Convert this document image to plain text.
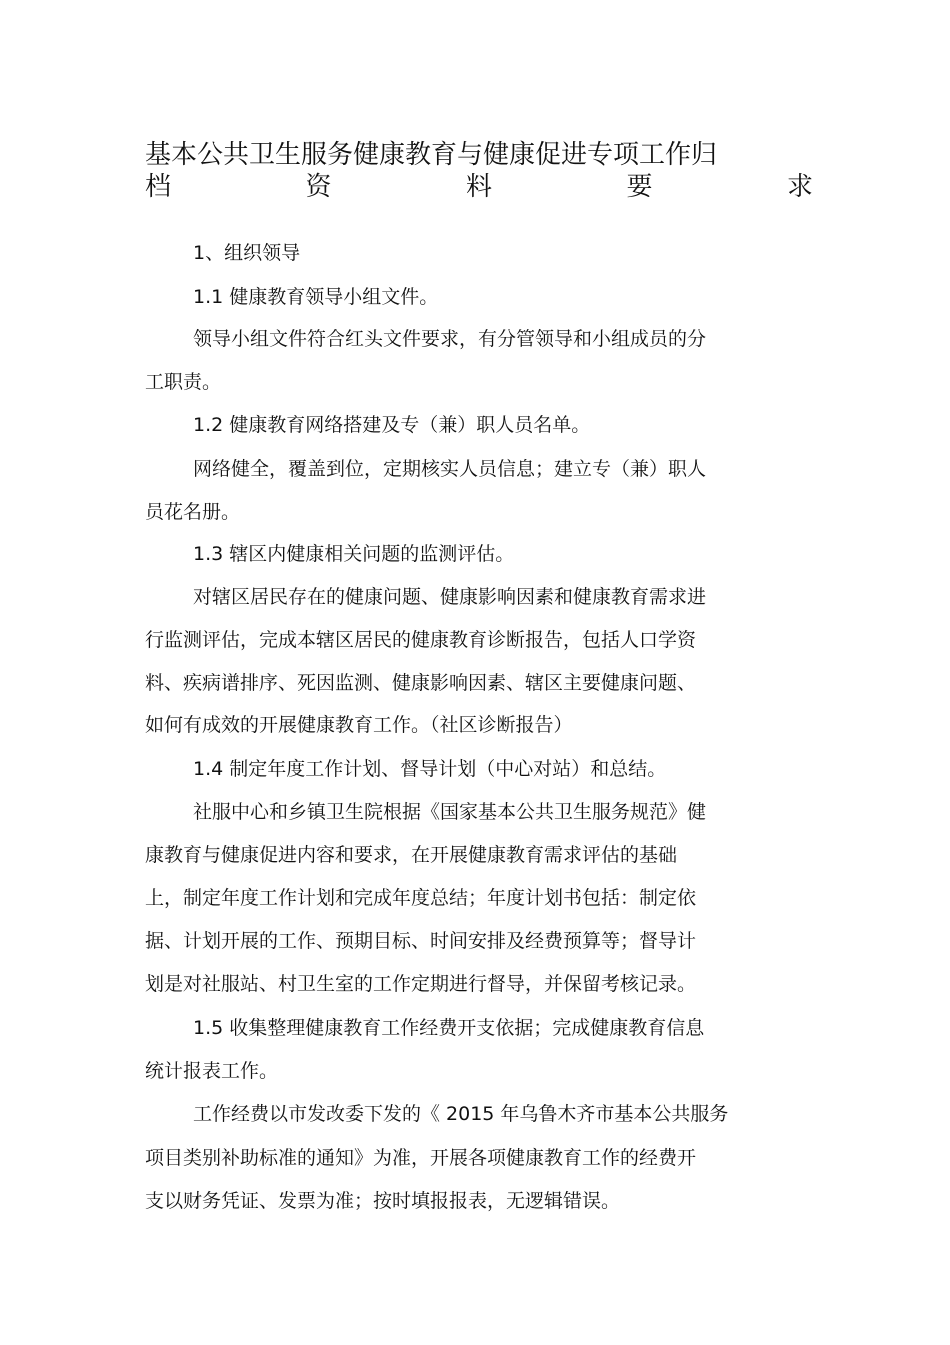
基本公共卫生服务健康教育与健康促进专项工作归
档	资	料	要	求
1、组织领导
1.1 健康教育领导小组文件。
领导小组文件符合红头文件要求，有分管领导和小组成员的分
工职责。
1.2 健康教育网络搭建及专（兼）职人员名单。
网络健全，覆盖到位，定期核实人员信息；建立专（兼）职人
员花名册。
1.3 辖区内健康相关问题的监测评估。
对辖区居民存在的健康问题、健康影响因素和健康教育需求进
行监测评估，完成本辖区居民的健康教育诊断报告，包括人口学资
料、疾病谱排序、死因监测、健康影响因素、辖区主要健康问题、
如何有成效的开展健康教育工作。（社区诊断报告）
1.4 制定年度工作计划、督导计划（中心对站）和总结。
社服中心和乡镇卫生院根据《国家基本公共卫生服务规范》健
康教育与健康促进内容和要求，在开展健康教育需求评估的基础
上，制定年度工作计划和完成年度总结；年度计划书包括：制定依
据、计划开展的工作、预期目标、时间安排及经费预算等；督导计
划是对社服站、村卫生室的工作定期进行督导，并保留考核记录。
1.5 收集整理健康教育工作经费开支依据；完成健康教育信息
统计报表工作。
工作经费以市发改委下发的《 2015 年乌鲁木齐市基本公共服务
项目类别补助标准的通知》为准，开展各项健康教育工作的经费开
支以财务凭证、发票为准；按时填报报表，无逻辑错误。
